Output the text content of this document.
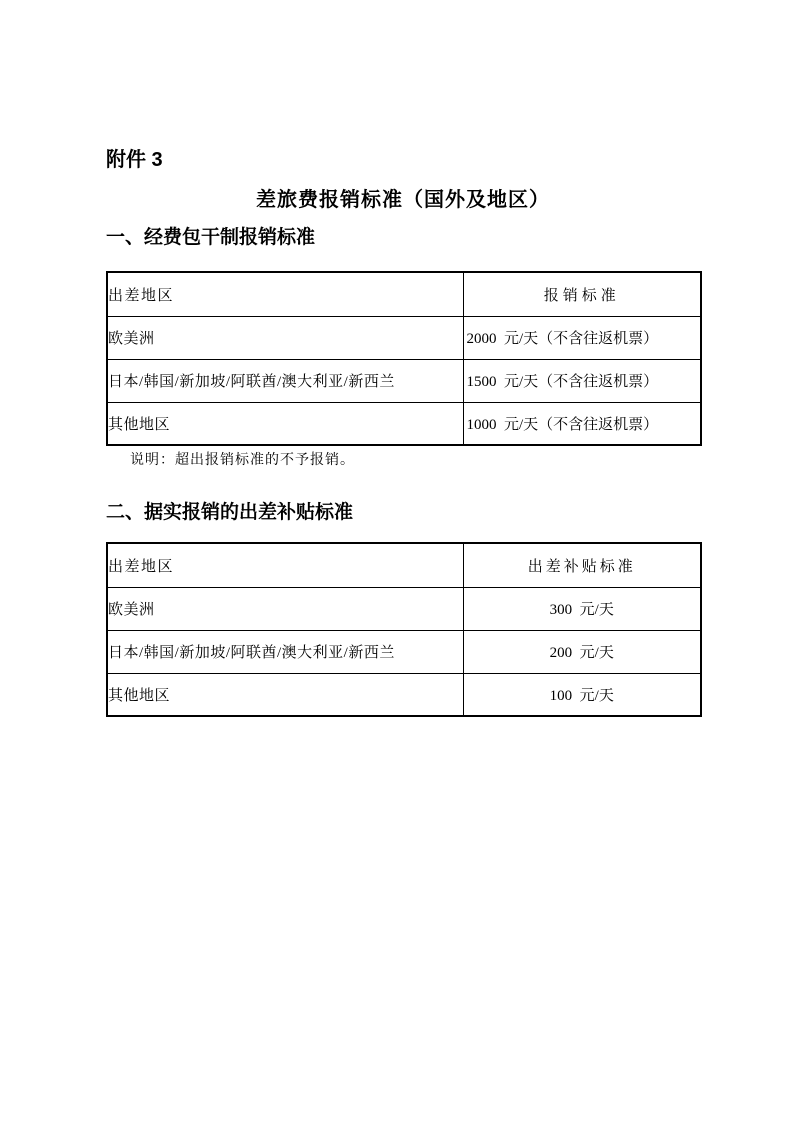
附件 3
差旅费报销标准（国外及地区）
一、经费包干制报销标准
出差地区	报销标准
欧美洲	2000  元/天（不含往返机票）
日本/韩国/新加坡/阿联酋/澳大利亚/新西兰	1500  元/天（不含往返机票）
其他地区	1000  元/天（不含往返机票）
说明：超出报销标准的不予报销。
二、据实报销的出差补贴标准
出差地区	出差补贴标准
欧美洲	300  元/天
日本/韩国/新加坡/阿联酋/澳大利亚/新西兰	200  元/天
其他地区	100  元/天
